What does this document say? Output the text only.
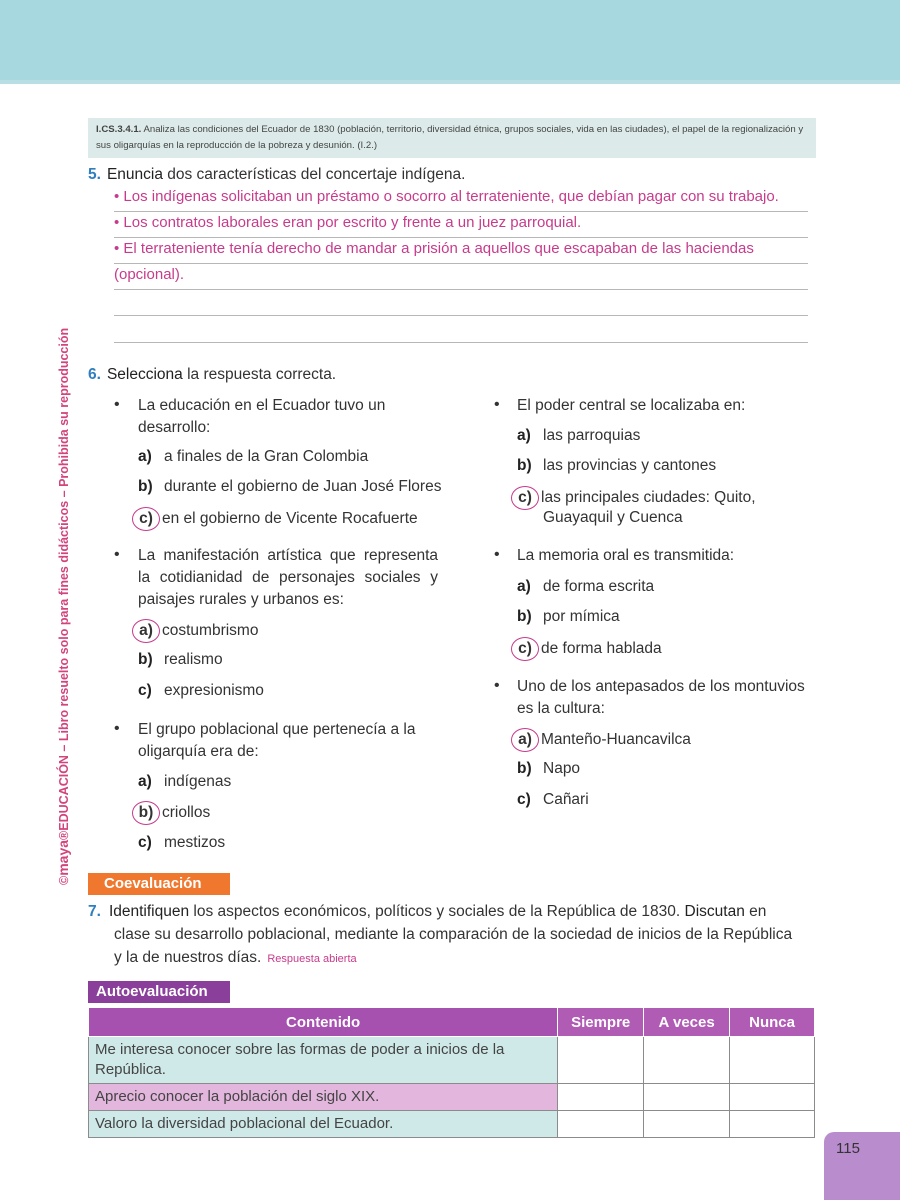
©maya®EDUCACIÓN – Libro resuelto solo para fines didácticos – Prohibida su reproducción
I.CS.3.4.1. Analiza las condiciones del Ecuador de 1830 (población, territorio, diversidad étnica, grupos sociales, vida en las ciudades), el papel de la regionalización y sus oligarquías en la reproducción de la pobreza y desunión. (I.2.)
5. Enuncia dos características del concertaje indígena.
• Los indígenas solicitaban un préstamo o socorro al terrateniente, que debían pagar con su trabajo.
• Los contratos laborales eran por escrito y frente a un juez parroquial.
• El terrateniente tenía derecho de mandar a prisión a aquellos que escapaban de las haciendas
(opcional).
6. Selecciona la respuesta correcta.
• La educación en el Ecuador tuvo un desarrollo:
a) a finales de la Gran Colombia
b) durante el gobierno de Juan José Flores
c) en el gobierno de Vicente Rocafuerte
• La manifestación artística que representa la cotidianidad de personajes sociales y paisajes rurales y urbanos es:
a) costumbrismo
b) realismo
c) expresionismo
• El grupo poblacional que pertenecía a la oligarquía era de:
a) indígenas
b) criollos
c) mestizos
• El poder central se localizaba en:
a) las parroquias
b) las provincias y cantones
c) las principales ciudades: Quito,
Guayaquil y Cuenca
• La memoria oral es transmitida:
a) de forma escrita
b) por mímica
c) de forma hablada
• Uno de los antepasados de los montuvios es la cultura:
a) Manteño-Huancavilca
b) Napo
c) Cañari
Coevaluación
7. Identifiquen los aspectos económicos, políticos y sociales de la República de 1830. Discutan en
clase su desarrollo poblacional, mediante la comparación de la sociedad de inicios de la República
y la de nuestros días. Respuesta abierta
Autoevaluación
Contenido	Siempre	A veces	Nunca
Me interesa conocer sobre las formas de poder a inicios de la República.			
Aprecio conocer la población del siglo XIX.			
Valoro la diversidad poblacional del Ecuador.			
115
